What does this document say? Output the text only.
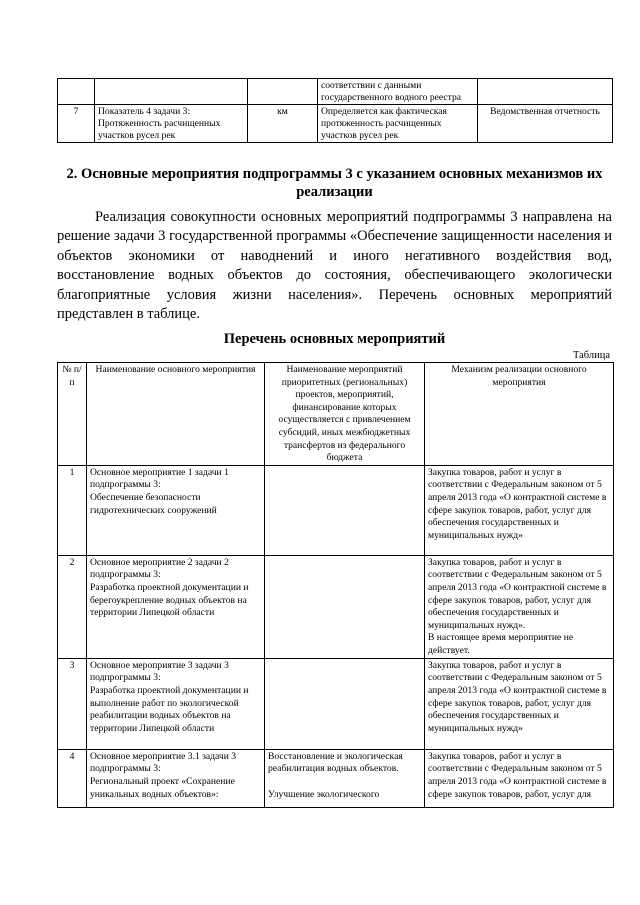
			соответствии с данными государственного водного реестра	
7	Показатель 4 задачи 3: Протяженность расчищенных участков русел рек	км	Определяется как фактическая протяженность расчищенных участков русел рек	Ведомственная отчетность
2. Основные мероприятия подпрограммы 3 с указанием основных механизмов их реализации

Реализация совокупности основных мероприятий подпрограммы 3 направлена на решение задачи 3 государственной программы «Обеспечение защищенности населения и объектов экономики от наводнений и иного негативного воздействия вод, восстановление водных объектов до состояния, обеспечивающего экологически благоприятные условия жизни населения». Перечень основных мероприятий представлен в таблице.

Перечень основных мероприятий

Таблица

№ п/п	Наименование основного мероприятия	Наименование мероприятий приоритетных (региональных) проектов, мероприятий, финансирование которых осуществляется с привлечением субсидий, иных межбюджетных трансфертов из федерального бюджета	Механизм реализации основного мероприятия
1	Основное мероприятие 1 задачи 1 подпрограммы 3:
Обеспечение безопасности гидротехнических сооружений		Закупка товаров, работ и услуг в соответствии с Федеральным законом от 5 апреля 2013 года «О контрактной системе в сфере закупок товаров, работ, услуг для обеспечения государственных и муниципальных нужд»
2	Основное мероприятие 2 задачи 2 подпрограммы 3:
Разработка проектной документации и берегоукрепление водных объектов на территории Липецкой области		Закупка товаров, работ и услуг в соответствии с Федеральным законом от 5 апреля 2013 года «О контрактной системе в сфере закупок товаров, работ, услуг для обеспечения государственных и муниципальных нужд».
В настоящее время мероприятие не действует.

3	Основное мероприятие 3 задачи 3 подпрограммы 3:
Разработка проектной документации и выполнение работ по экологической реабилитации водных объектов на территории Липецкой области		Закупка товаров, работ и услуг в соответствии с Федеральным законом от 5 апреля 2013 года «О контрактной системе в сфере закупок товаров, работ, услуг для обеспечения государственных и муниципальных нужд»
4	Основное мероприятие 3.1 задачи 3 подпрограммы 3:
Региональный проект «Сохранение уникальных водных объектов»:	Восстановление и экологическая реабилитация водных объектов.
Улучшение экологического	Закупка товаров, работ и услуг в соответствии с Федеральным законом от 5 апреля 2013 года «О контрактной системе в сфере закупок товаров, работ, услуг для
